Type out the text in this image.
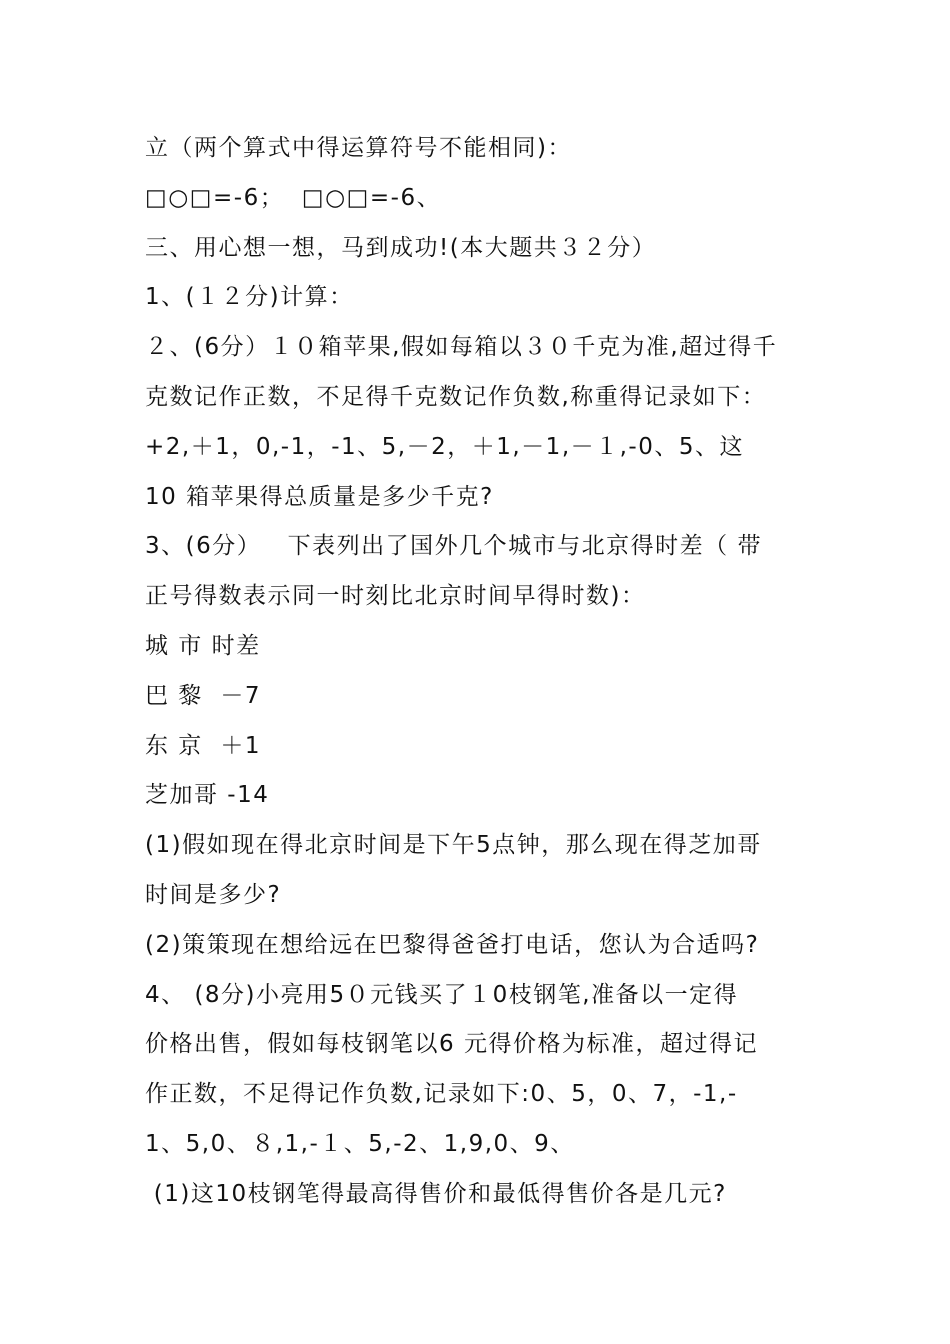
立（两个算式中得运算符号不能相同)：
□○□=-6；  □○□=-6、
三、用心想一想，马到成功!(本大题共３２分）
1、(１２分)计算：
２、(6分）１０箱苹果,假如每箱以３０千克为准,超过得千
克数记作正数，不足得千克数记作负数,称重得记录如下：
+2,＋1，0,-1，-1、5,－2，＋1,－1,－１,-0、5、这
10 箱苹果得总质量是多少千克?
3、(6分）   下表列出了国外几个城市与北京得时差（ 带
正号得数表示同一时刻比北京时间早得时数)：
城 市 时差
巴 黎  －7
东 京  ＋1
芝加哥 -14
(1)假如现在得北京时间是下午5点钟，那么现在得芝加哥
时间是多少?
(2)策策现在想给远在巴黎得爸爸打电话，您认为合适吗?
4、 (8分)小亮用5０元钱买了１0枝钢笔,准备以一定得
价格出售，假如每枝钢笔以6 元得价格为标准，超过得记
作正数，不足得记作负数,记录如下:0、5，0、7，-1,-
1、5,0、８,1,-１、5,-2、1,9,0、9、
(1)这10枝钢笔得最高得售价和最低得售价各是几元?
